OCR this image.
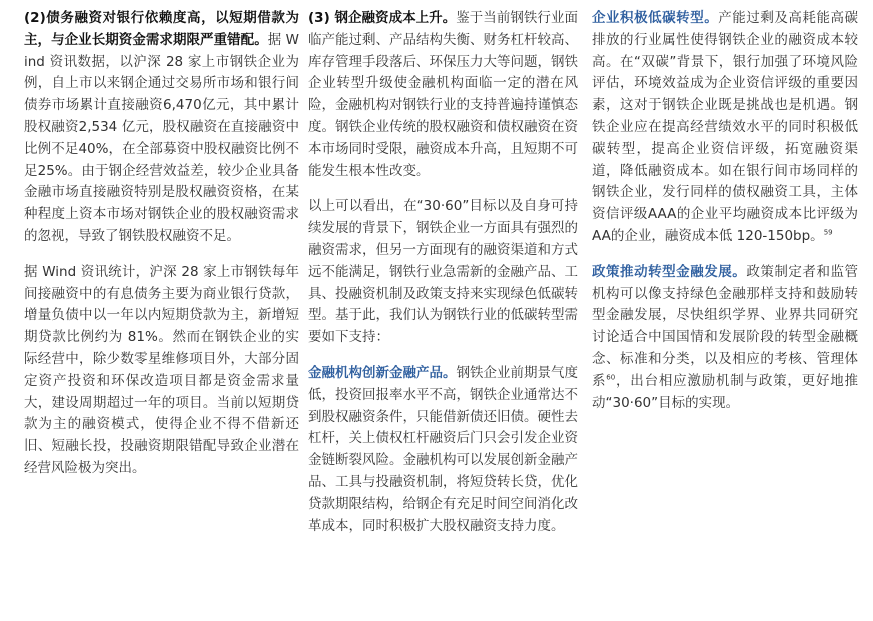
(2)债务融资对银行依赖度高，以短期借款为主，与企业长期资金需求期限严重错配。据 Wind 资讯数据，以沪深 28 家上市钢铁企业为例，自上市以来钢企通过交易所市场和银行间债券市场累计直接融资6,470亿元，其中累计股权融资2,534 亿元，股权融资在直接融资中比例不足40%，在全部募资中股权融资比例不足25%。由于钢企经营效益差，较少企业具备金融市场直接融资特别是股权融资资格，在某种程度上资本市场对钢铁企业的股权融资需求的忽视，导致了钢铁股权融资不足。

据 Wind 资讯统计，沪深 28 家上市钢铁每年间接融资中的有息债务主要为商业银行贷款，增量负债中以一年以内短期贷款为主，新增短期贷款比例约为 81%。然而在钢铁企业的实际经营中，除少数零星维修项目外，大部分固定资产投资和环保改造项目都是资金需求量大，建设周期超过一年的项目。当前以短期贷款为主的融资模式，使得企业不得不借新还旧、短融长投，投融资期限错配导致企业潜在经营风险极为突出。

(3) 钢企融资成本上升。鉴于当前钢铁行业面临产能过剩、产品结构失衡、财务杠杆较高、库存管理手段落后、环保压力大等问题，钢铁企业转型升级使金融机构面临一定的潜在风险，金融机构对钢铁行业的支持普遍持谨慎态度。钢铁企业传统的股权融资和债权融资在资本市场同时受限，融资成本升高，且短期不可能发生根本性改变。

以上可以看出，在“30·60”目标以及自身可持续发展的背景下，钢铁企业一方面具有强烈的融资需求，但另一方面现有的融资渠道和方式远不能满足，钢铁行业急需新的金融产品、工具、投融资机制及政策支持来实现绿色低碳转型。基于此，我们认为钢铁行业的低碳转型需要如下支持：

金融机构创新金融产品。钢铁企业前期景气度低，投资回报率水平不高，钢铁企业通常达不到股权融资条件，只能借新债还旧债。硬性去杠杆，关上债权杠杆融资后门只会引发企业资金链断裂风险。金融机构可以发展创新金融产品、工具与投融资机制，将短贷转长贷，优化贷款期限结构，给钢企有充足时间空间消化改革成本，同时积极扩大股权融资支持力度。

企业积极低碳转型。产能过剩及高耗能高碳排放的行业属性使得钢铁企业的融资成本较高。在“双碳”背景下，银行加强了环境风险评估，环境效益成为企业资信评级的重要因素，这对于钢铁企业既是挑战也是机遇。钢铁企业应在提高经营绩效水平的同时积极低碳转型，提高企业资信评级，拓宽融资渠道，降低融资成本。如在银行间市场同样的钢铁企业，发行同样的债权融资工具，主体资信评级AAA的企业平均融资成本比评级为AA的企业，融资成本低 120-150bp。$^{59}$

政策推动转型金融发展。政策制定者和监管机构可以像支持绿色金融那样支持和鼓励转型金融发展，尽快组织学界、业界共同研究讨论适合中国国情和发展阶段的转型金融概念、标准和分类，以及相应的考核、管理体系$^{60}$，出台相应激励机制与政策，更好地推动“30·60”目标的实现。
